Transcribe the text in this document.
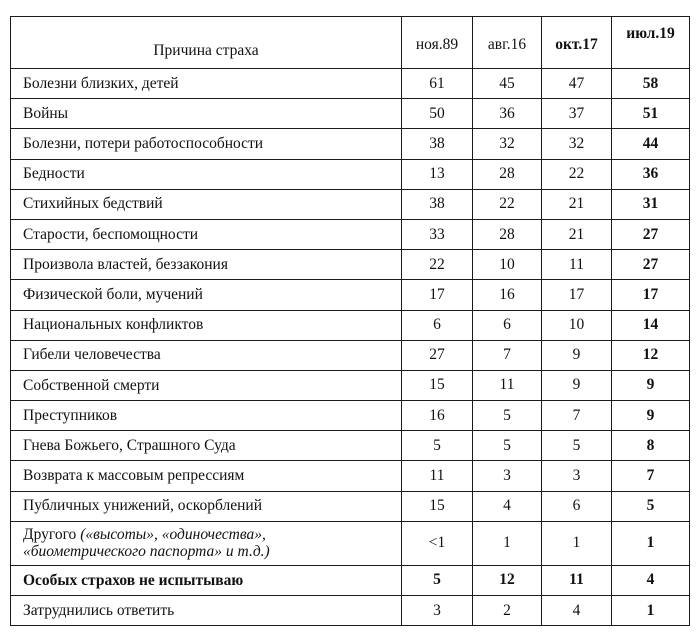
Причина страха	ноя.89	авг.16	окт.17	июл.19
Болезни близких, детей	61	45	47	58
Войны	50	36	37	51
Болезни, потери работоспособности	38	32	32	44
Бедности	13	28	22	36
Стихийных бедствий	38	22	21	31
Старости, беспомощности	33	28	21	27
Произвола властей, беззакония	22	10	11	27
Физической боли, мучений	17	16	17	17
Национальных конфликтов	6	6	10	14
Гибели человечества	27	7	9	12
Собственной смерти	15	11	9	9
Преступников	16	5	7	9
Гнева Божьего, Страшного Суда	5	5	5	8
Возврата к массовым репрессиям	11	3	3	7
Публичных унижений, оскорблений	15	4	6	5
Другого («высоты», «одиночества»,
«биометрического паспорта» и т.д.)	<1	1	1	1
Особых страхов не испытываю	5	12	11	4
Затруднились ответить	3	2	4	1
